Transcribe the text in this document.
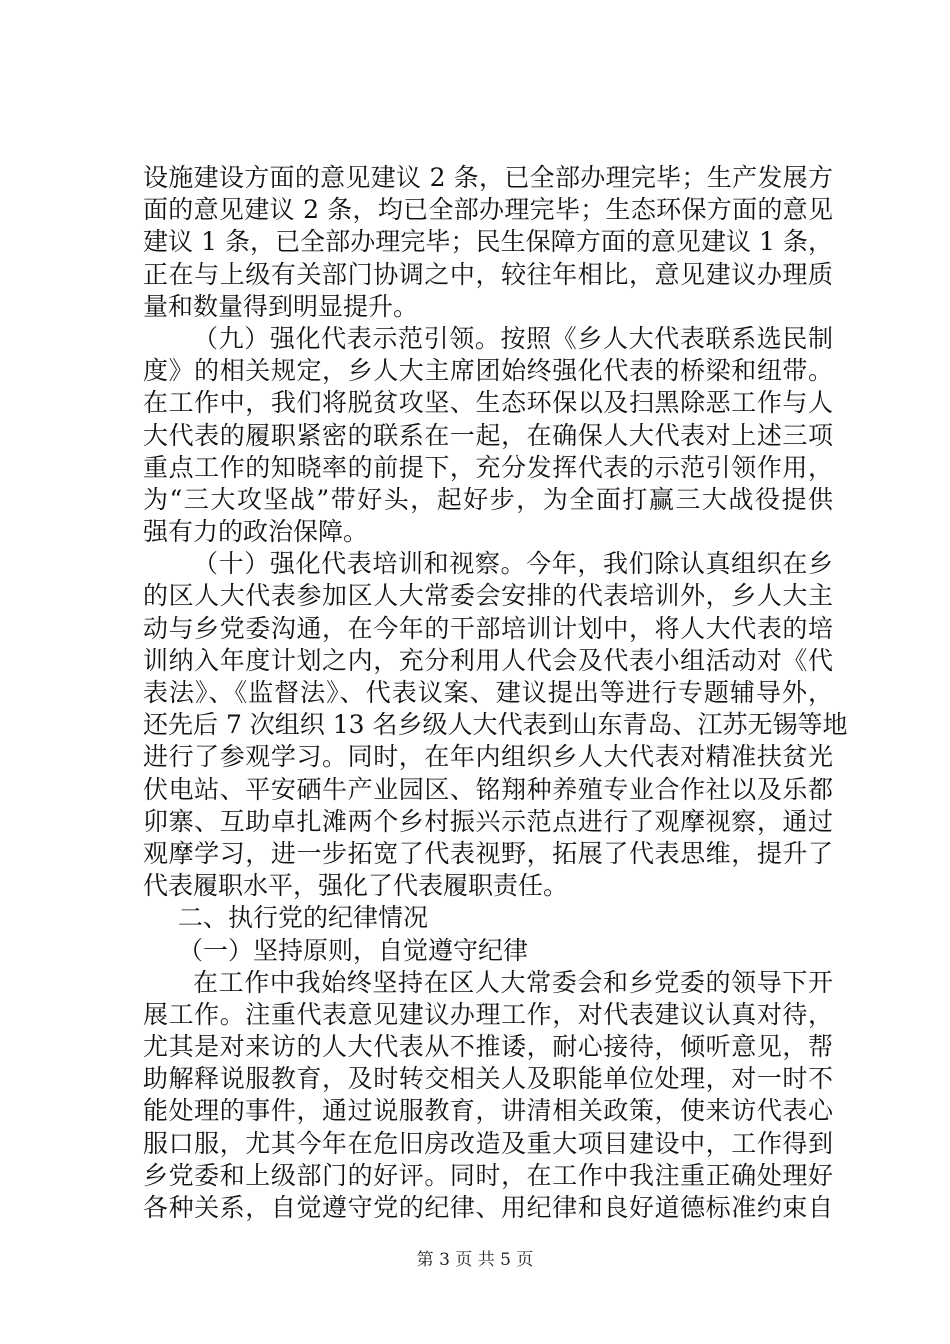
设施建设方面的意见建议 2 条，已全部办理完毕；生产发展方
面的意见建议 2 条，均已全部办理完毕；生态环保方面的意见
建议 1 条，已全部办理完毕；民生保障方面的意见建议 1 条，
正在与上级有关部门协调之中，较往年相比，意见建议办理质
量和数量得到明显提升。
（九）强化代表示范引领。按照《乡人大代表联系选民制
度》的相关规定，乡人大主席团始终强化代表的桥梁和纽带。
在工作中，我们将脱贫攻坚、生态环保以及扫黑除恶工作与人
大代表的履职紧密的联系在一起，在确保人大代表对上述三项
重点工作的知晓率的前提下，充分发挥代表的示范引领作用，
为“三大攻坚战”带好头，起好步，为全面打赢三大战役提供
强有力的政治保障。
（十）强化代表培训和视察。今年，我们除认真组织在乡
的区人大代表参加区人大常委会安排的代表培训外，乡人大主
动与乡党委沟通，在今年的干部培训计划中，将人大代表的培
训纳入年度计划之内，充分利用人代会及代表小组活动对《代
表法》、《监督法》、代表议案、建议提出等进行专题辅导外，
还先后 7 次组织 13 名乡级人大代表到山东青岛、江苏无锡等地
进行了参观学习。同时，在年内组织乡人大代表对精准扶贫光
伏电站、平安硒牛产业园区、铭翔种养殖专业合作社以及乐都
卯寨、互助卓扎滩两个乡村振兴示范点进行了观摩视察，通过
观摩学习，进一步拓宽了代表视野，拓展了代表思维，提升了
代表履职水平，强化了代表履职责任。
二、执行党的纪律情况
（一）坚持原则，自觉遵守纪律
在工作中我始终坚持在区人大常委会和乡党委的领导下开
展工作。注重代表意见建议办理工作，对代表建议认真对待，
尤其是对来访的人大代表从不推诿，耐心接待，倾听意见，帮
助解释说服教育，及时转交相关人及职能单位处理，对一时不
能处理的事件，通过说服教育，讲清相关政策，使来访代表心
服口服，尤其今年在危旧房改造及重大项目建设中，工作得到
乡党委和上级部门的好评。同时，在工作中我注重正确处理好
各种关系，自觉遵守党的纪律、用纪律和良好道德标准约束自
第 3 页 共 5 页
